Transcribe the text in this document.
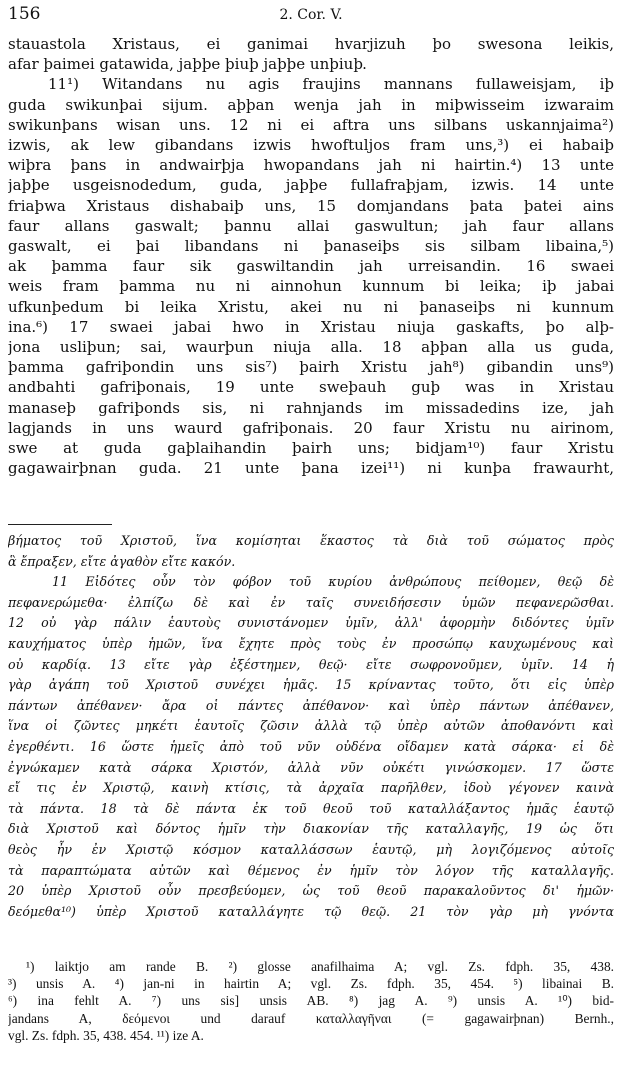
156	2. Cor. V.

stauastola Xristaus, ei ganimai hvarjizuh þo swesona leikis,

afar þaimei gatawida, jaþþe þiuþ jaþþe unþiuþ.

11¹) Witandans nu agis fraujins mannans fullaweisjam, iþ

guda swikunþai sijum. aþþan wenja jah in miþwisseim izwaraim

swikunþans wisan uns. 12 ni ei aftra uns silbans uskannjaima²)

izwis, ak lew gibandans izwis hwoftuljos fram uns,³) ei habaiþ

wiþra þans in andwairþja hwopandans jah ni hairtin.⁴) 13 unte

jaþþe usgeisnodedum, guda, jaþþe fullafraþjam, izwis. 14 unte

friaþwa Xristaus dishabaiþ uns, 15 domjandans þata þatei ains

faur allans gaswalt; þannu allai gaswultun; jah faur allans

gaswalt, ei þai libandans ni þanaseiþs sis silbam libaina,⁵)

ak þamma faur sik gaswiltandin jah urreisandin. 16 swaei

weis fram þamma nu ni ainnohun kunnum bi leika; iþ jabai

ufkunþedum bi leika Xristu, akei nu ni þanaseiþs ni kunnum

ina.⁶) 17 swaei jabai hwo in Xristau niuja gaskafts, þo alþ-

jona usliþun; sai, waurþun niuja alla. 18 aþþan alla us guda,

þamma gafriþondin uns sis⁷) þairh Xristu jah⁸) gibandin uns⁹)

andbahti gafriþonais, 19 unte sweþauh guþ was in Xristau

manaseþ gafriþonds sis, ni rahnjands im missadedins ize, jah

lagjands in uns waurd gafriþonais. 20 faur Xristu nu airinom,

swe at guda gaþlaihandin þairh uns; bidjam¹⁰) faur Xristu

gagawairþnan guda. 21 unte þana izei¹¹) ni kunþa frawaurht,

βήματος τοῦ Χριστοῦ, ἵνα κομίσηται ἕκαστος τὰ διὰ τοῦ σώματος πρὸς

ἃ ἔπραξεν, εἴτε ἀγαθὸν εἴτε κακόν.

11 Εἰδότες οὖν τὸν φόβον τοῦ κυρίου ἀνθρώπους πείθομεν, θεῷ δὲ

πεφανερώμεθα· ἐλπίζω δὲ καὶ ἐν ταῖς συνειδήσεσιν ὑμῶν πεφανερῶσθαι.

12 οὐ γὰρ πάλιν ἑαυτοὺς συνιστάνομεν ὑμῖν, ἀλλ' ἀφορμὴν διδόντες ὑμῖν

καυχήματος ὑπὲρ ἡμῶν, ἵνα ἔχητε πρὸς τοὺς ἐν προσώπῳ καυχωμένους καὶ

οὐ καρδίᾳ. 13 εἴτε γὰρ ἐξέστημεν, θεῷ· εἴτε σωφρονοῦμεν, ὑμῖν. 14 ἡ

γὰρ ἀγάπη τοῦ Χριστοῦ συνέχει ἡμᾶς. 15 κρίναντας τοῦτο, ὅτι εἰς ὑπὲρ

πάντων ἀπέθανεν· ἄρα οἱ πάντες ἀπέθανον· καὶ ὑπὲρ πάντων ἀπέθανεν,

ἵνα οἱ ζῶντες μηκέτι ἑαυτοῖς ζῶσιν ἀλλὰ τῷ ὑπὲρ αὐτῶν ἀποθανόντι καὶ

ἐγερθέντι. 16 ὥστε ἡμεῖς ἀπὸ τοῦ νῦν οὐδένα οἴδαμεν κατὰ σάρκα· εἰ δὲ

ἐγνώκαμεν κατὰ σάρκα Χριστόν, ἀλλὰ νῦν οὐκέτι γινώσκομεν. 17 ὥστε

εἴ τις ἐν Χριστῷ, καινὴ κτίσις, τὰ ἀρχαῖα παρῆλθεν, ἰδοὺ γέγονεν καινὰ

τὰ πάντα. 18 τὰ δὲ πάντα ἐκ τοῦ θεοῦ τοῦ καταλλάξαντος ἡμᾶς ἑαυτῷ

διὰ Χριστοῦ καὶ δόντος ἡμῖν τὴν διακονίαν τῆς καταλλαγῆς, 19 ὡς ὅτι

θεὸς ἦν ἐν Χριστῷ κόσμον καταλλάσσων ἑαυτῷ, μὴ λογιζόμενος αὐτοῖς

τὰ παραπτώματα αὐτῶν καὶ θέμενος ἐν ἡμῖν τὸν λόγον τῆς καταλλαγῆς.

20 ὑπὲρ Χριστοῦ οὖν πρεσβεύομεν, ὡς τοῦ θεοῦ παρακαλοῦντος δι' ἡμῶν·

δεόμεθα¹⁰) ὑπὲρ Χριστοῦ καταλλάγητε τῷ θεῷ. 21 τὸν γὰρ μὴ γνόντα

¹) laiktjo am rande B. ²) glosse anafilhaima A; vgl. Zs. fdph. 35, 438.

³) unsis A. ⁴) jan-ni in hairtin A; vgl. Zs. fdph. 35, 454. ⁵) libainai B.

⁶) ina fehlt A. ⁷) uns sis] unsis AB. ⁸) jag A. ⁹) unsis A. ¹⁰) bid-

jandans A, δεόμενοι und darauf καταλλαγῆναι (= gagawairþnan) Bernh.,

vgl. Zs. fdph. 35, 438. 454. ¹¹) ize A.
